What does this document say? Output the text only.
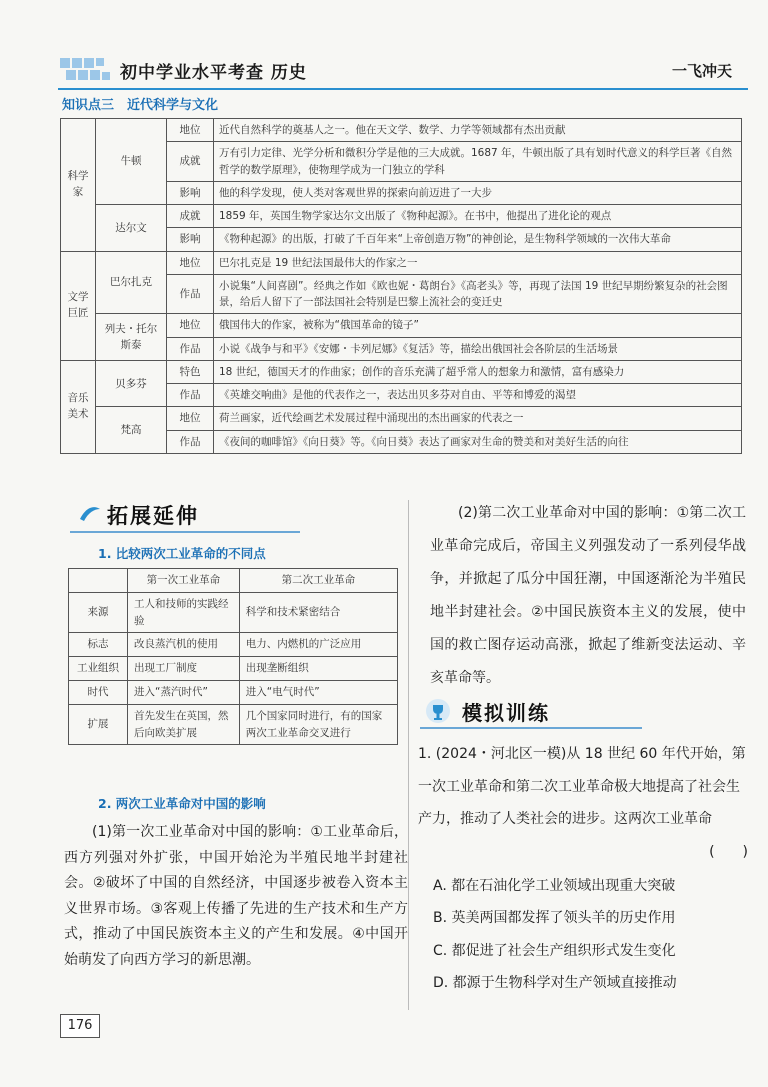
初中学业水平考查 历史	一飞冲天
知识点三　近代科学与文化
科学家	牛顿	地位	近代自然科学的奠基人之一。他在天文学、数学、力学等领域都有杰出贡献
		成就	万有引力定律、光学分析和微积分学是他的三大成就。1687 年，牛顿出版了具有划时代意义的科学巨著《自然哲学的数学原理》，使物理学成为一门独立的学科
		影响	他的科学发现，使人类对客观世界的探索向前迈进了一大步
	达尔文	成就	1859 年，英国生物学家达尔文出版了《物种起源》。在书中，他提出了进化论的观点
		影响	《物种起源》的出版，打破了千百年来“上帝创造万物”的神创论，是生物科学领域的一次伟大革命
文学巨匠	巴尔扎克	地位	巴尔扎克是 19 世纪法国最伟大的作家之一
		作品	小说集“人间喜剧”。经典之作如《欧也妮・葛朗台》《高老头》等，再现了法国 19 世纪早期纷繁复杂的社会图景，给后人留下了一部法国社会特别是巴黎上流社会的变迁史
	列夫・托尔斯泰	地位	俄国伟大的作家，被称为“俄国革命的镜子”
		作品	小说《战争与和平》《安娜・卡列尼娜》《复活》等，描绘出俄国社会各阶层的生活场景
音乐美术	贝多芬	特色	18 世纪，德国天才的作曲家；创作的音乐充满了超乎常人的想象力和激情，富有感染力
		作品	《英雄交响曲》是他的代表作之一，表达出贝多芬对自由、平等和博爱的渴望
	梵高	地位	荷兰画家，近代绘画艺术发展过程中涌现出的杰出画家的代表之一
		作品	《夜间的咖啡馆》《向日葵》等。《向日葵》表达了画家对生命的赞美和对美好生活的向往
拓展延伸
1. 比较两次工业革命的不同点
	第一次工业革命	第二次工业革命
来源	工人和技师的实践经验	科学和技术紧密结合
标志	改良蒸汽机的使用	电力、内燃机的广泛应用
工业组织	出现工厂制度	出现垄断组织
时代	进入“蒸汽时代”	进入“电气时代”
扩展	首先发生在英国，然后向欧美扩展	几个国家同时进行，有的国家两次工业革命交叉进行
2. 两次工业革命对中国的影响
(1)第一次工业革命对中国的影响：①工业革命后，西方列强对外扩张，中国开始沦为半殖民地半封建社会。②破坏了中国的自然经济，中国逐步被卷入资本主义世界市场。③客观上传播了先进的生产技术和生产方式，推动了中国民族资本主义的产生和发展。④中国开始萌发了向西方学习的新思潮。
(2)第二次工业革命对中国的影响：①第二次工业革命完成后，帝国主义列强发动了一系列侵华战争，并掀起了瓜分中国狂潮，中国逐渐沦为半殖民地半封建社会。②中国民族资本主义的发展，使中国的救亡图存运动高涨，掀起了维新变法运动、辛亥革命等。
模拟训练
1. (2024・河北区一模)从 18 世纪 60 年代开始，第一次工业革命和第二次工业革命极大地提高了社会生产力，推动了人类社会的进步。这两次工业革命
(　　)
A. 都在石油化学工业领域出现重大突破
B. 英美两国都发挥了领头羊的历史作用
C. 都促进了社会生产组织形式发生变化
D. 都源于生物科学对生产领域直接推动
176
